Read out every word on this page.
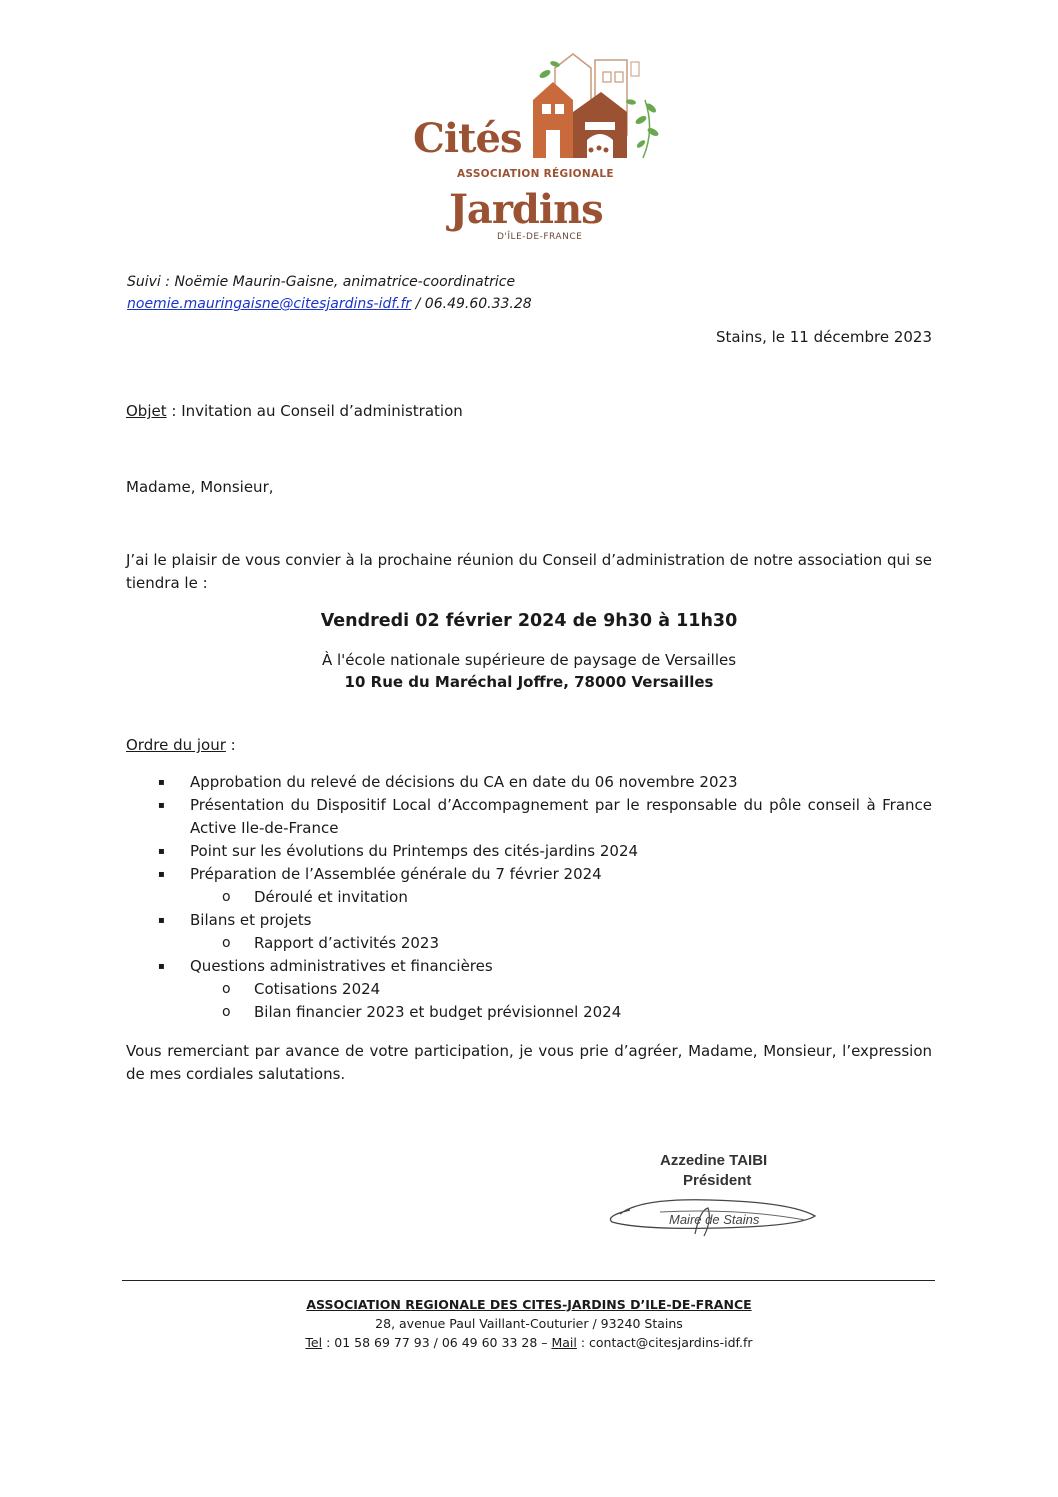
Cités
ASSOCIATION RÉGIONALE
Jardins
D'ÎLE-DE-FRANCE
Suivi : Noëmie Maurin-Gaisne, animatrice-coordinatrice
noemie.mauringaisne@citesjardins-idf.fr / 06.49.60.33.28
Stains, le 11 décembre 2023
Objet : Invitation au Conseil d’administration
Madame, Monsieur,
J’ai le plaisir de vous convier à la prochaine réunion du Conseil d’administration de notre association qui se tiendra le :
Vendredi 02 février 2024 de 9h30 à 11h30
À l'école nationale supérieure de paysage de Versailles
10 Rue du Maréchal Joffre, 78000 Versailles
Ordre du jour :
▪ Approbation du relevé de décisions du CA en date du 06 novembre 2023
▪ Présentation du Dispositif Local d’Accompagnement par le responsable du pôle conseil à France Active Ile-de-France
▪ Point sur les évolutions du Printemps des cités-jardins 2024
▪ Préparation de l’Assemblée générale du 7 février 2024
o Déroulé et invitation
▪ Bilans et projets
o Rapport d’activités 2023
▪ Questions administratives et financières
o Cotisations 2024
o Bilan financier 2023 et budget prévisionnel 2024
Vous remerciant par avance de votre participation, je vous prie d’agréer, Madame, Monsieur, l’expression de mes cordiales salutations.
Azzedine TAIBI
Président
Maire de Stains
ASSOCIATION REGIONALE DES CITES-JARDINS D’ILE-DE-FRANCE
28, avenue Paul Vaillant-Couturier / 93240 Stains
Tel : 01 58 69 77 93 / 06 49 60 33 28 – Mail : contact@citesjardins-idf.fr
